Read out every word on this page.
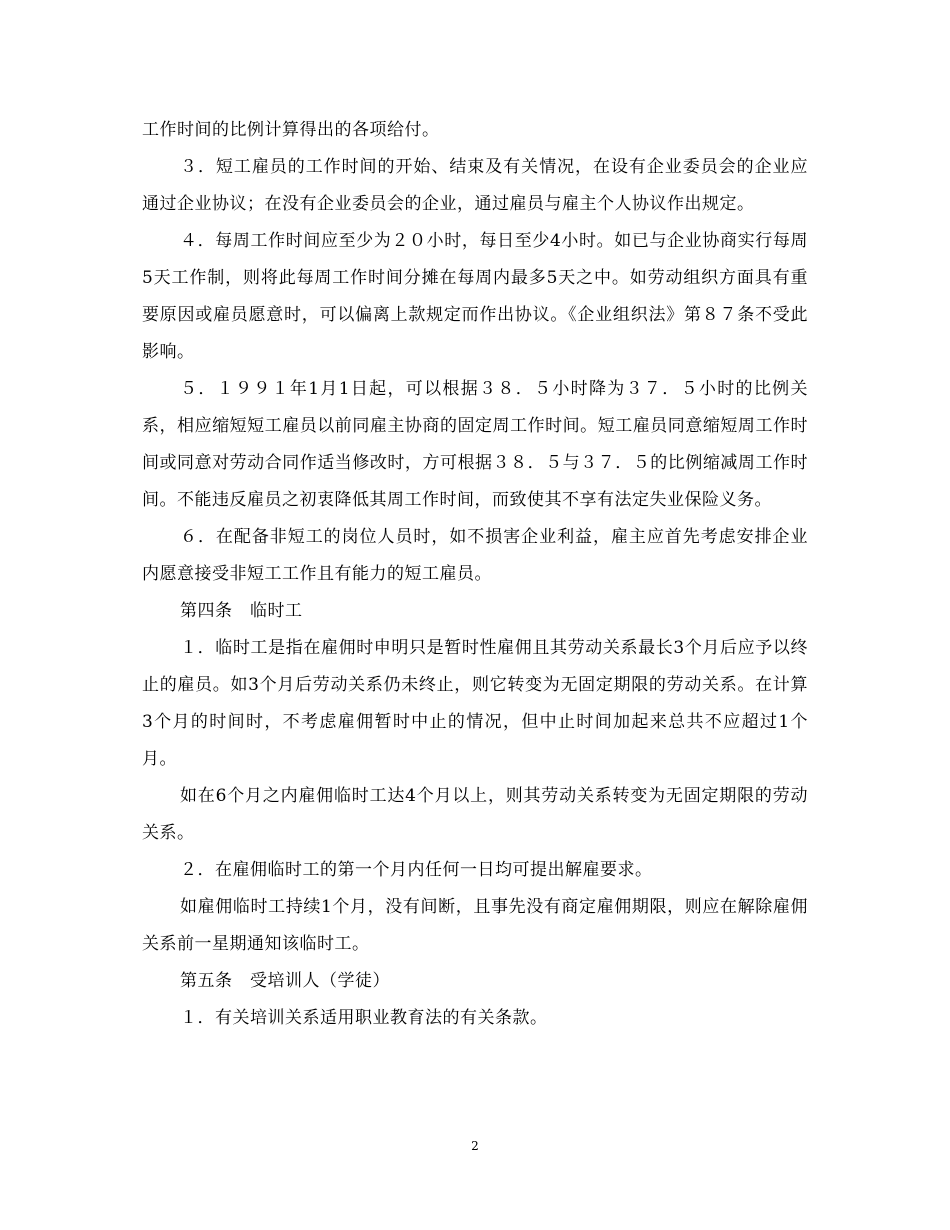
工作时间的比例计算得出的各项给付。

３．短工雇员的工作时间的开始、结束及有关情况，在设有企业委员会的企业应通过企业协议；在没有企业委员会的企业，通过雇员与雇主个人协议作出规定。

４．每周工作时间应至少为２０小时，每日至少4小时。如已与企业协商实行每周5天工作制，则将此每周工作时间分摊在每周内最多5天之中。如劳动组织方面具有重要原因或雇员愿意时，可以偏离上款规定而作出协议。《企业组织法》第８７条不受此影响。

５．１９９１年1月1日起，可以根据３８．５小时降为３７．５小时的比例关系，相应缩短短工雇员以前同雇主协商的固定周工作时间。短工雇员同意缩短周工作时间或同意对劳动合同作适当修改时，方可根据３８．５与３７．５的比例缩减周工作时间。不能违反雇员之初衷降低其周工作时间，而致使其不享有法定失业保险义务。

６．在配备非短工的岗位人员时，如不损害企业利益，雇主应首先考虑安排企业内愿意接受非短工工作且有能力的短工雇员。

第四条　临时工

１．临时工是指在雇佣时申明只是暂时性雇佣且其劳动关系最长3个月后应予以终止的雇员。如3个月后劳动关系仍未终止，则它转变为无固定期限的劳动关系。在计算3个月的时间时，不考虑雇佣暂时中止的情况，但中止时间加起来总共不应超过1个月。

如在6个月之内雇佣临时工达4个月以上，则其劳动关系转变为无固定期限的劳动关系。

２．在雇佣临时工的第一个月内任何一日均可提出解雇要求。

如雇佣临时工持续1个月，没有间断，且事先没有商定雇佣期限，则应在解除雇佣关系前一星期通知该临时工。

第五条　受培训人（学徒）

１．有关培训关系适用职业教育法的有关条款。

2
